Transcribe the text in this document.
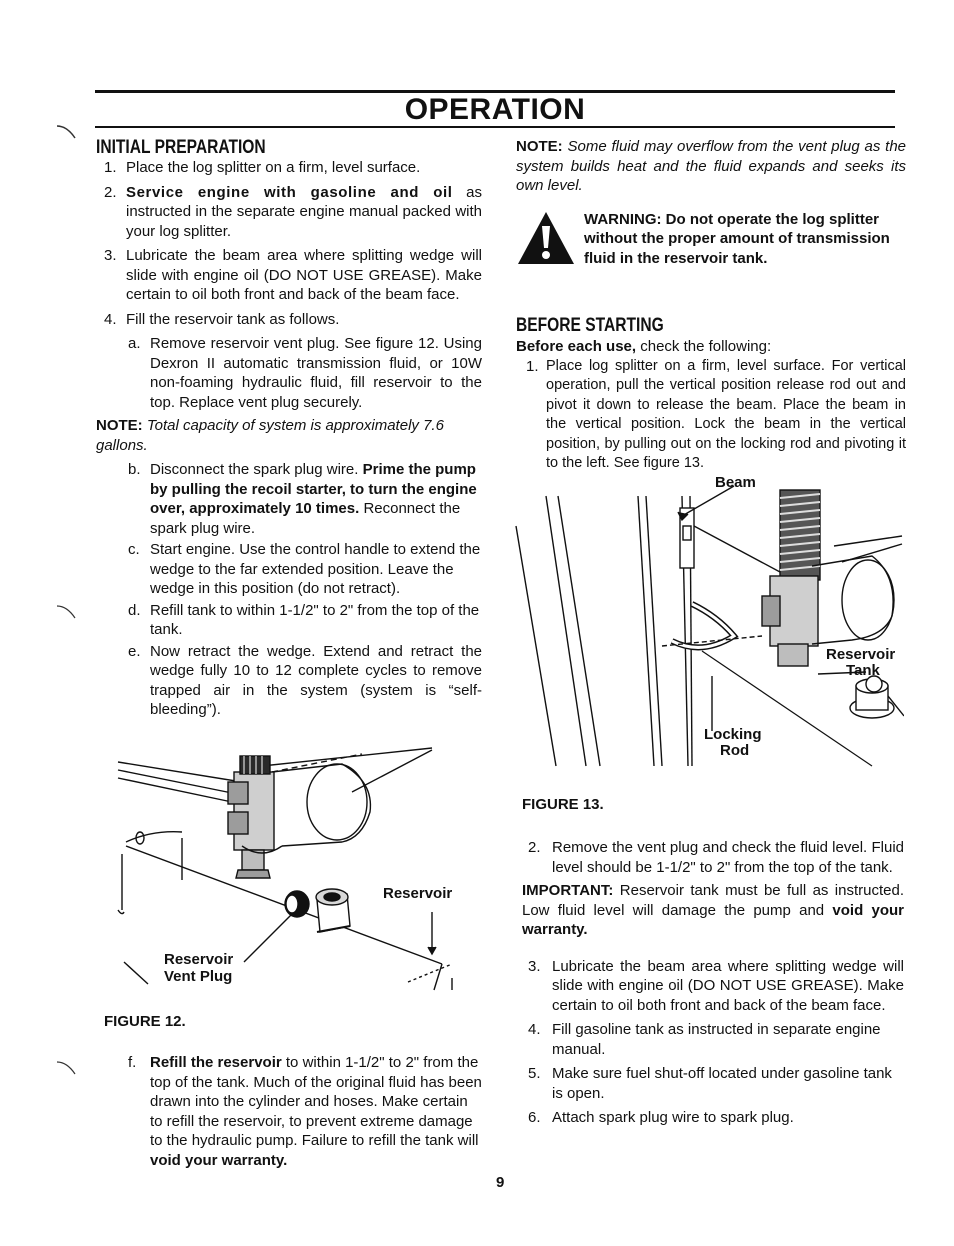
OPERATION
INITIAL PREPARATION
1. Place the log splitter on a firm, level surface.

2. Service engine with gasoline and oil as instructed in the separate engine manual packed with your log splitter.

3. Lubricate the beam area where splitting wedge will slide with engine oil (DO NOT USE GREASE). Make certain to oil both front and back of the beam face.

4. Fill the reservoir tank as follows.

a. Remove reservoir vent plug. See figure 12. Using Dexron II automatic transmission fluid, or 10W non-foaming hydraulic fluid, fill reservoir to the top. Replace vent plug securely.

NOTE: Total capacity of system is approximately 7.6 gallons.

b. Disconnect the spark plug wire. Prime the pump by pulling the recoil starter, to turn the engine over, approximately 10 times. Reconnect the spark plug wire.

c. Start engine. Use the control handle to extend the wedge to the far extended position. Leave the wedge in this position (do not retract).

d. Refill tank to within 1-1/2" to 2" from the top of the tank.

e. Now retract the wedge. Extend and retract the wedge fully 10 to 12 complete cycles to remove trapped air in the system (system is “self-bleeding”).

Reservoir
Reservoir
Vent Plug
FIGURE 12.
f. Refill the reservoir to within 1-1/2" to 2" from the top of the tank. Much of the original fluid has been drawn into the cylinder and hoses. Make certain to refill the reservoir, to prevent extreme damage to the hydraulic pump. Failure to refill the tank will void your warranty.

NOTE: Some fluid may overflow from the vent plug as the system builds heat and the fluid expands and seeks its own level.

WARNING: Do not operate the log splitter without the proper amount of transmission fluid in the reservoir tank.

BEFORE STARTING

Before each use, check the following:

1. Place log splitter on a firm, level surface. For vertical operation, pull the vertical position release rod out and pivot it down to release the beam. Place the beam in the vertical position. Lock the beam in the vertical position, by pulling out on the locking rod and pivoting it to the left. See figure 13.

Beam
Reservoir
Tank
Locking
Rod
FIGURE 13.
2. Remove the vent plug and check the fluid level. Fluid level should be 1-1/2" to 2" from the top of the tank.

IMPORTANT: Reservoir tank must be full as instructed. Low fluid level will damage the pump and void your warranty.

3. Lubricate the beam area where splitting wedge will slide with engine oil (DO NOT USE GREASE). Make certain to oil both front and back of the beam face.

4. Fill gasoline tank as instructed in separate engine manual.

5. Make sure fuel shut-off located under gasoline tank is open.

6. Attach spark plug wire to spark plug.

9
